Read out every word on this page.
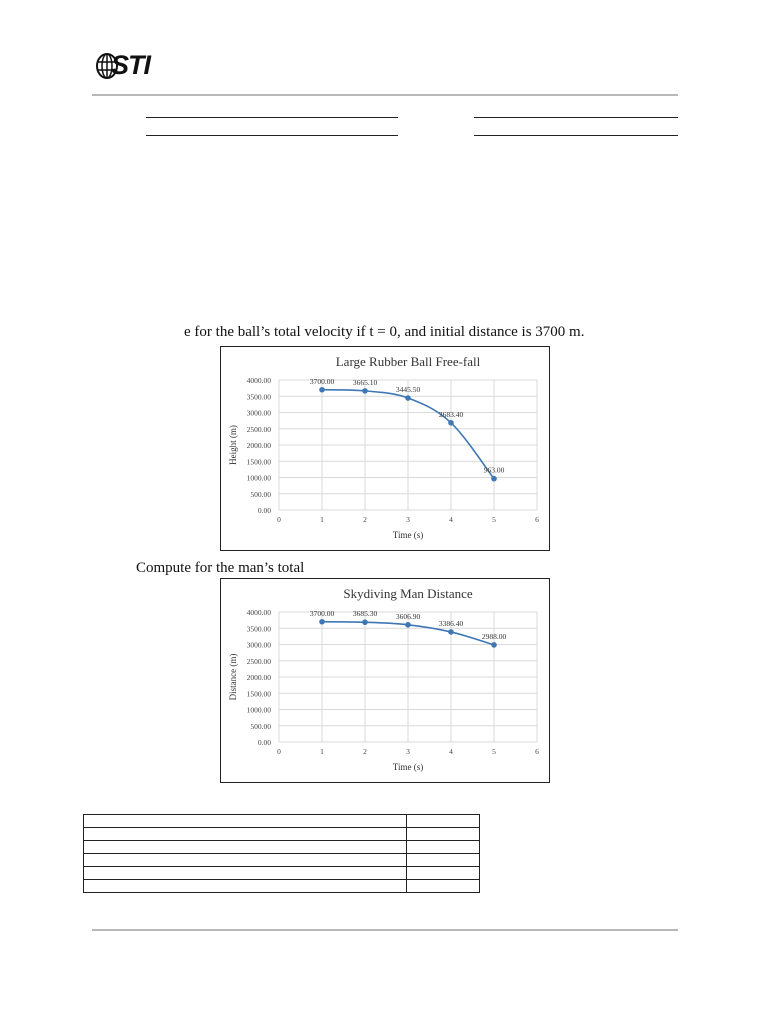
STI
e for the ball’s total velocity if t = 0, and initial distance is 3700 m.
Large Rubber Ball Free-fall
0.00
500.00
1000.00
1500.00
2000.00
2500.00
3000.00
3500.00
4000.00
0	1	2	3	4	5	6
Time (s)
Height (m)
3700.00 3665.10
3445.50
2683.40
963.00
Compute for the man’s total
Skydiving Man Distance
0.00
500.00
1000.00
1500.00
2000.00
2500.00
3000.00
3500.00
4000.00
0	1	2	3	4	5	6
Time (s)
Distance (m)
3700.00 3685.30 3606.90
3386.40
2988.00
